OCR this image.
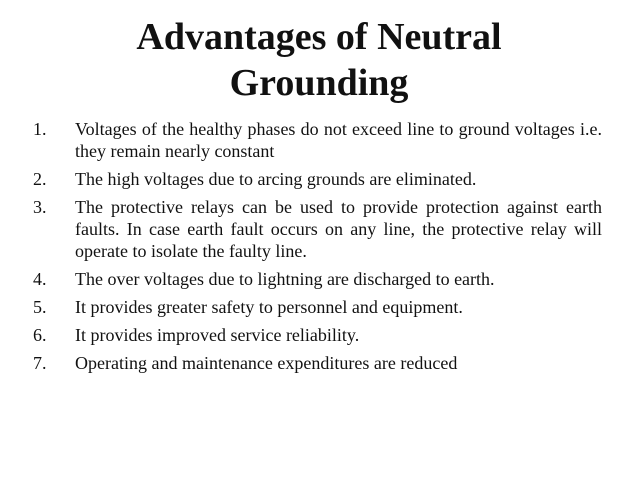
Advantages of Neutral
Grounding
1. Voltages of the healthy phases do not exceed line to ground voltages i.e. they remain nearly constant
2. The high voltages due to arcing grounds are eliminated.
3. The protective relays can be used to provide protection against earth faults. In case earth fault occurs on any line, the protective relay will operate to isolate the faulty line.
4. The over voltages due to lightning are discharged to earth.
5. It provides greater safety to personnel and equipment.
6. It provides improved service reliability.
7. Operating and maintenance expenditures are reduced
